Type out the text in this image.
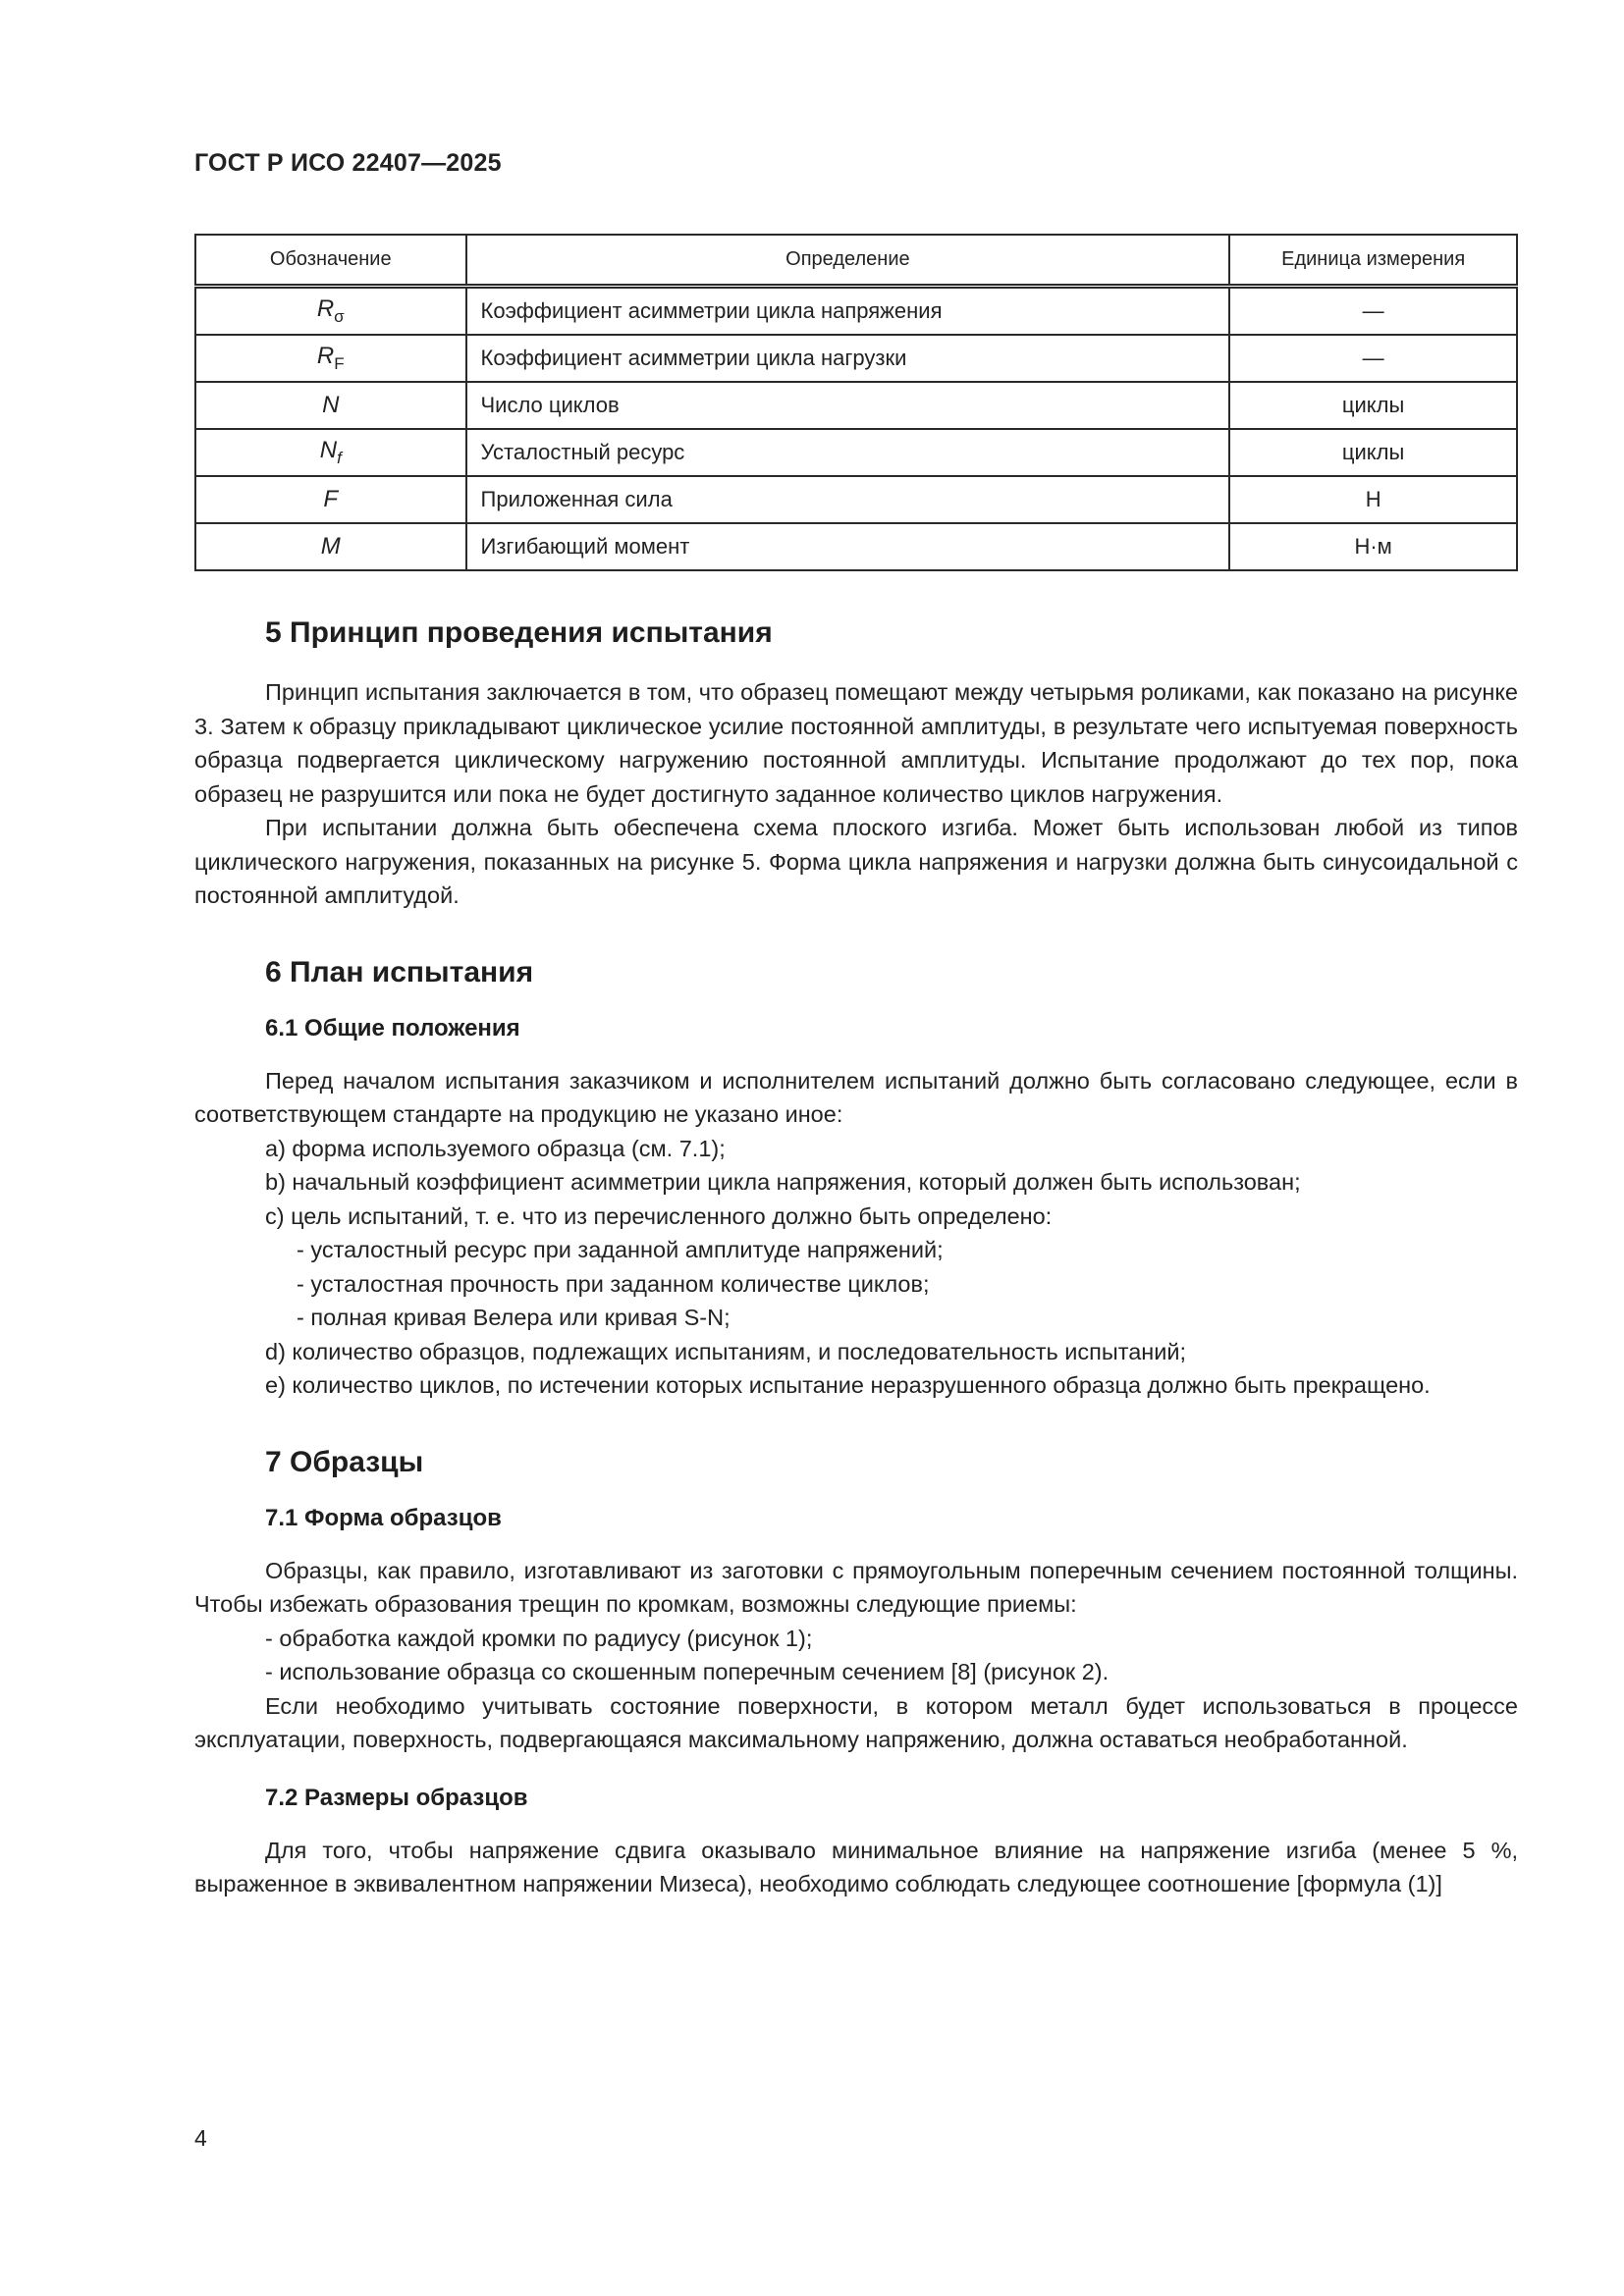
ГОСТ Р ИСО 22407—2025
Обозначение	Определение	Единица измерения
$R_\sigma$	Коэффициент асимметрии цикла напряжения	—
$R_F$	Коэффициент асимметрии цикла нагрузки	—
N	Число циклов	циклы
$N_f$	Усталостный ресурс	циклы
F	Приложенная сила	Н
M	Изгибающий момент	Н·м
5 Принцип проведения испытания

Принцип испытания заключается в том, что образец помещают между четырьмя роликами, как показано на рисунке 3. Затем к образцу прикладывают циклическое усилие постоянной амплитуды, в результате чего испытуемая поверхность образца подвергается циклическому нагружению постоянной амплитуды. Испытание продолжают до тех пор, пока образец не разрушится или пока не будет достигнуто заданное количество циклов нагружения.

При испытании должна быть обеспечена схема плоского изгиба. Может быть использован любой из типов циклического нагружения, показанных на рисунке 5. Форма цикла напряжения и нагрузки должна быть синусоидальной с постоянной амплитудой.

6 План испытания
6.1 Общие положения

Перед началом испытания заказчиком и исполнителем испытаний должно быть согласовано следующее, если в соответствующем стандарте на продукцию не указано иное:

a) форма используемого образца (см. 7.1);

b) начальный коэффициент асимметрии цикла напряжения, который должен быть использован;

c) цель испытаний, т. е. что из перечисленного должно быть определено:

- усталостный ресурс при заданной амплитуде напряжений;

- усталостная прочность при заданном количестве циклов;

- полная кривая Велера или кривая S-N;

d) количество образцов, подлежащих испытаниям, и последовательность испытаний;

e) количество циклов, по истечении которых испытание неразрушенного образца должно быть прекращено.

7 Образцы
7.1 Форма образцов

Образцы, как правило, изготавливают из заготовки с прямоугольным поперечным сечением постоянной толщины. Чтобы избежать образования трещин по кромкам, возможны следующие приемы:

- обработка каждой кромки по радиусу (рисунок 1);

- использование образца со скошенным поперечным сечением [8] (рисунок 2).

Если необходимо учитывать состояние поверхности, в котором металл будет использоваться в процессе эксплуатации, поверхность, подвергающаяся максимальному напряжению, должна оставаться необработанной.

7.2 Размеры образцов

Для того, чтобы напряжение сдвига оказывало минимальное влияние на напряжение изгиба (менее 5 %, выраженное в эквивалентном напряжении Мизеса), необходимо соблюдать следующее соотношение [формула (1)]

4
